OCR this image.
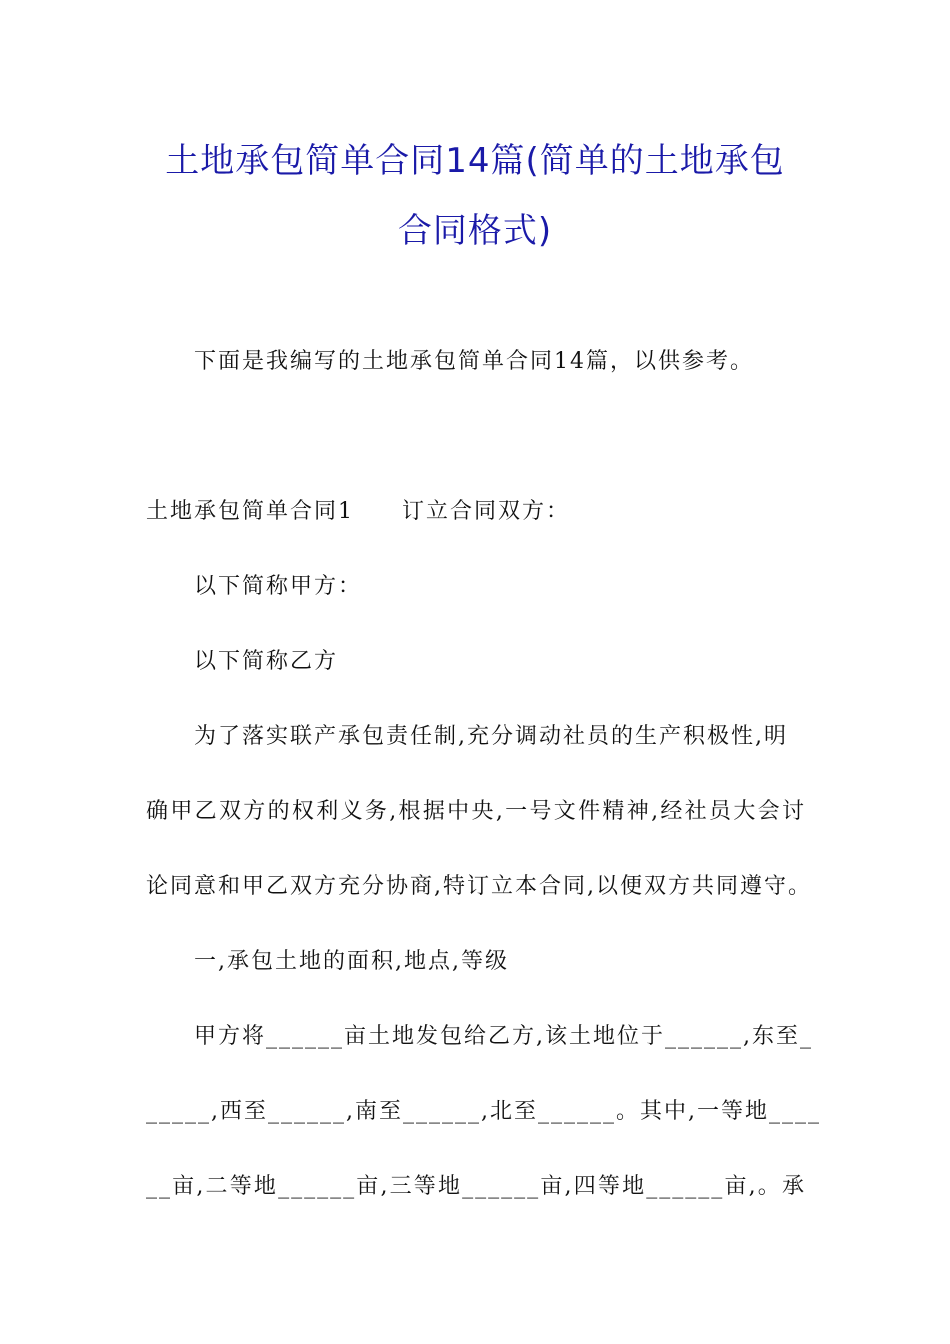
土地承包简单合同14篇(简单的土地承包
合同格式)
下面是我编写的土地承包简单合同14篇，以供参考。
土地承包简单合同1　　订立合同双方：
以下简称甲方：
以下简称乙方
为了落实联产承包责任制,充分调动社员的生产积极性,明
确甲乙双方的权利义务,根据中央,一号文件精神,经社员大会讨
论同意和甲乙双方充分协商,特订立本合同,以便双方共同遵守。
一,承包土地的面积,地点,等级
甲方将______亩土地发包给乙方,该土地位于______,东至_
_____,西至______,南至______,北至______。其中,一等地____
__亩,二等地______亩,三等地______亩,四等地______亩,。承
